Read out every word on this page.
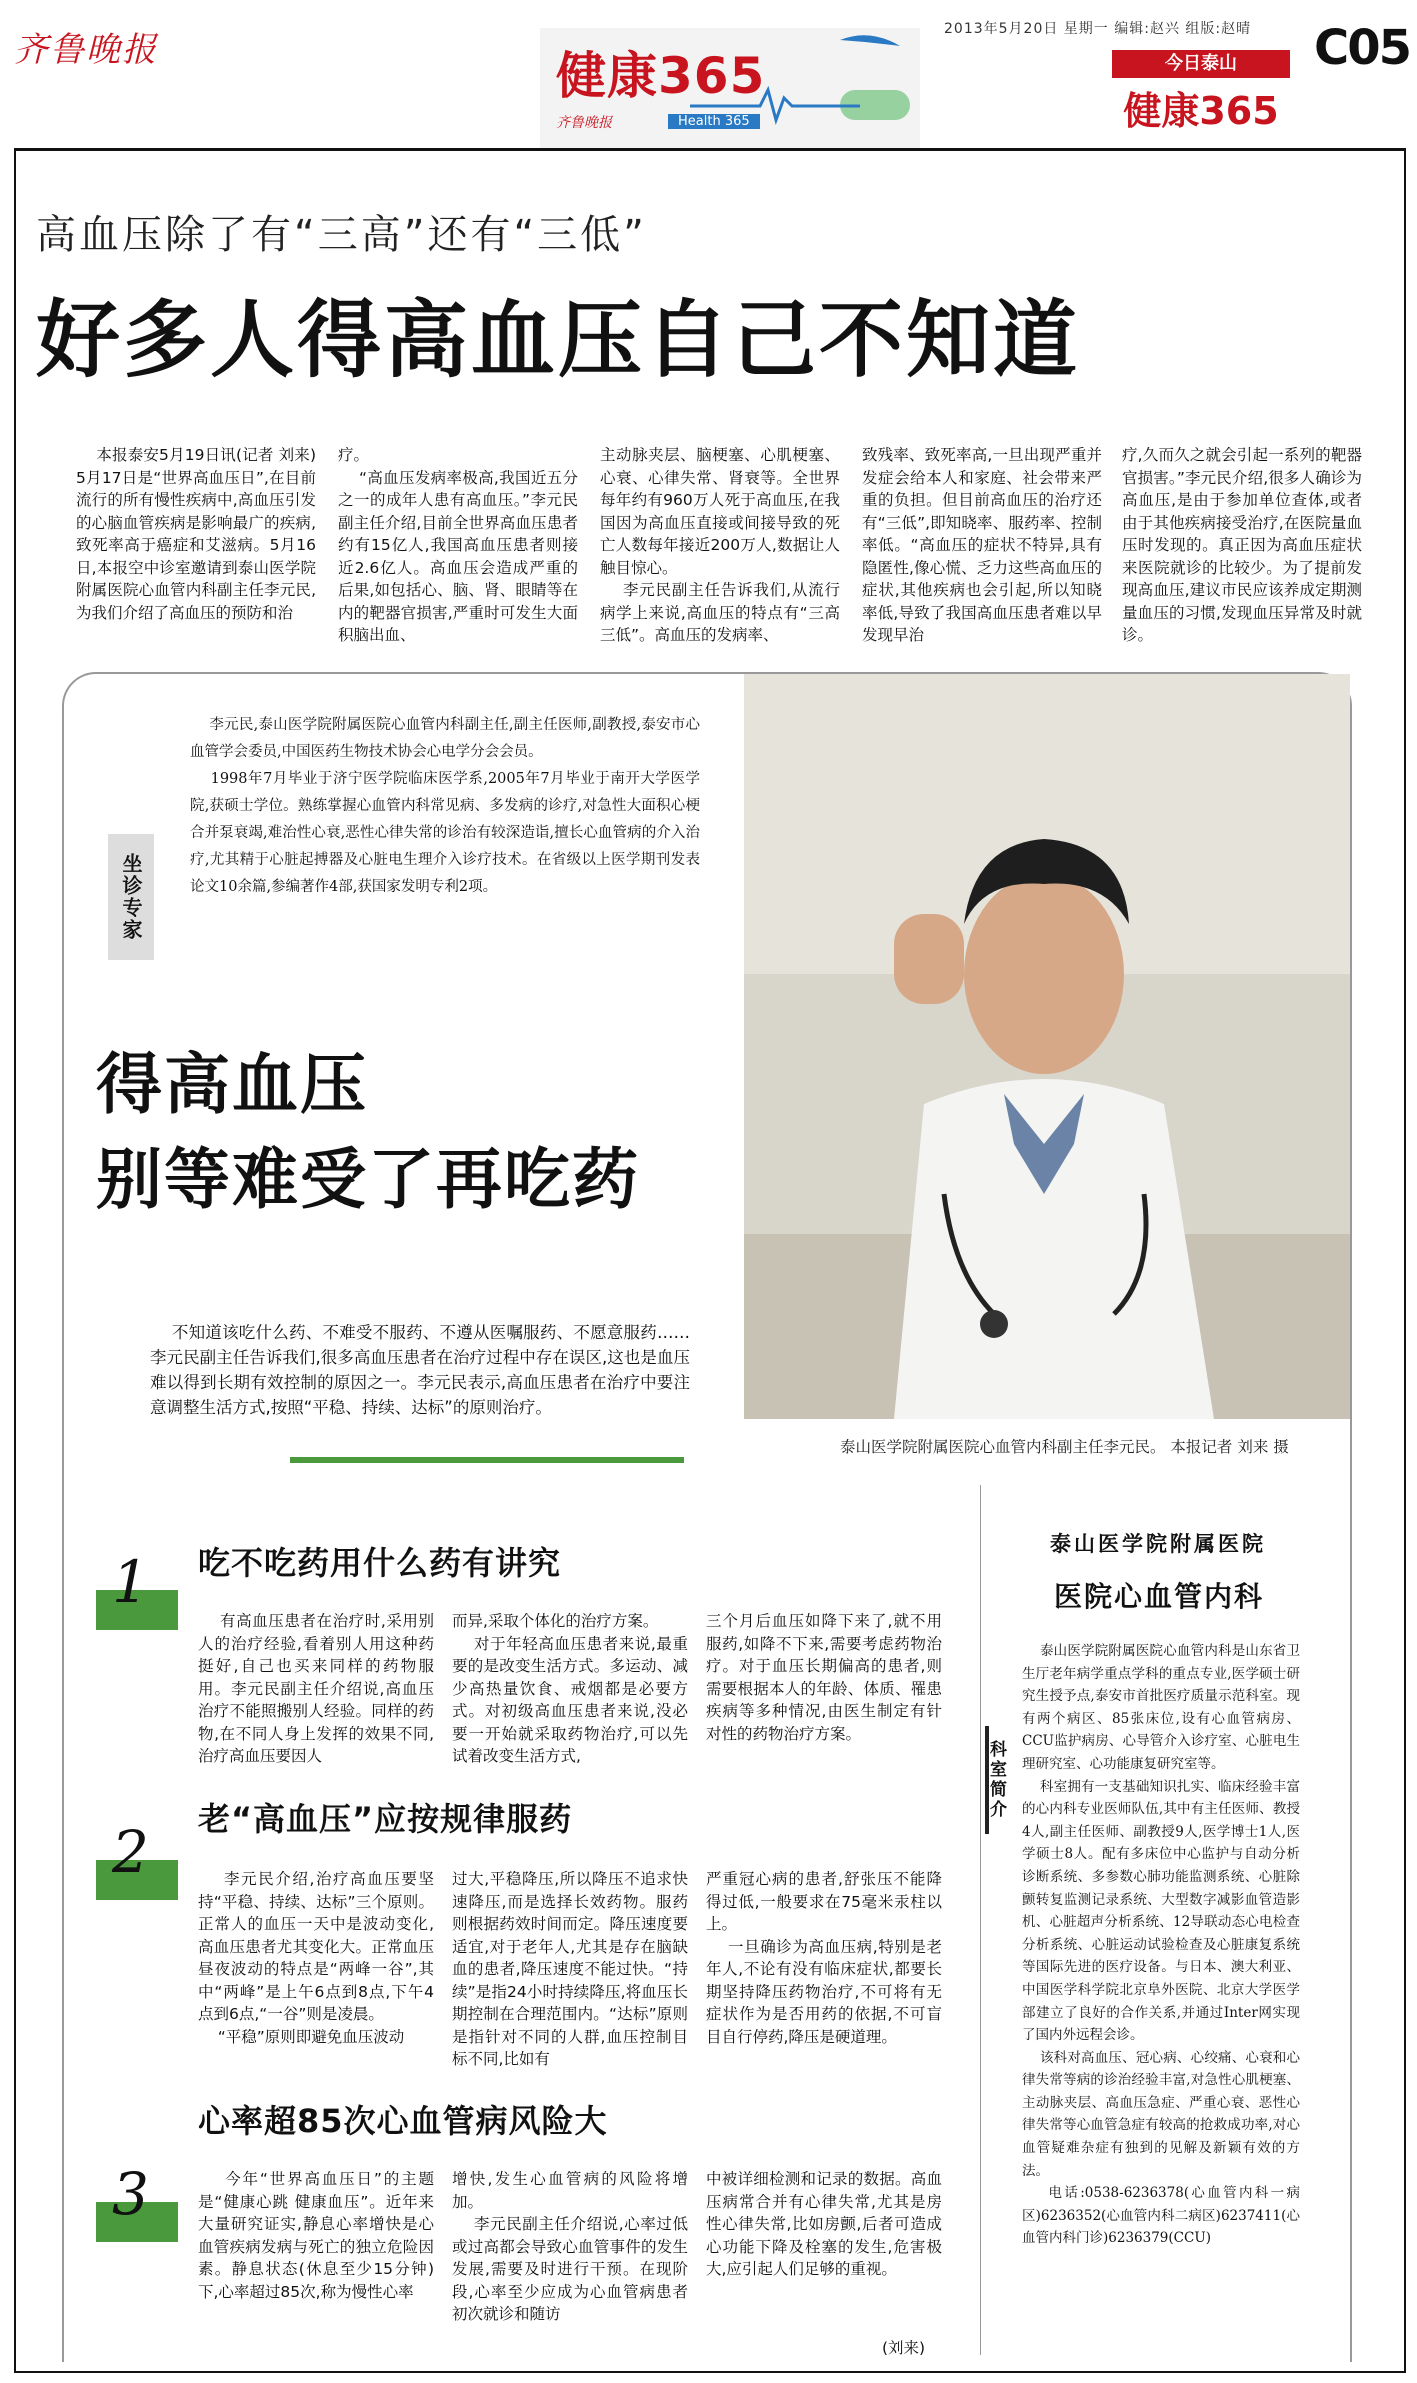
齐鲁晚报	健康365
齐鲁晚报	Health 365
2013年5月20日 星期一 编辑:赵兴 组版:赵晴
今日泰山
健康365
C05
高血压除了有“三高”还有“三低”
好多人得高血压自己不知道
本报泰安5月19日讯(记者 刘来) 5月17日是“世界高血压日”,在目前流行的所有慢性疾病中,高血压引发的心脑血管疾病是影响最广的疾病,致死率高于癌症和艾滋病。5月16日,本报空中诊室邀请到泰山医学院附属医院心血管内科副主任李元民,为我们介绍了高血压的预防和治
疗。
“高血压发病率极高,我国近五分之一的成年人患有高血压。”李元民副主任介绍,目前全世界高血压患者约有15亿人,我国高血压患者则接近2.6亿人。高血压会造成严重的后果,如包括心、脑、肾、眼睛等在内的靶器官损害,严重时可发生大面积脑出血、
主动脉夹层、脑梗塞、心肌梗塞、心衰、心律失常、肾衰等。全世界每年约有960万人死于高血压,在我国因为高血压直接或间接导致的死亡人数每年接近200万人,数据让人触目惊心。
李元民副主任告诉我们,从流行病学上来说,高血压的特点有“三高三低”。高血压的发病率、
致残率、致死率高,一旦出现严重并发症会给本人和家庭、社会带来严重的负担。但目前高血压的治疗还有“三低”,即知晓率、服药率、控制率低。“高血压的症状不特异,具有隐匿性,像心慌、乏力这些高血压的症状,其他疾病也会引起,所以知晓率低,导致了我国高血压患者难以早发现早治
疗,久而久之就会引起一系列的靶器官损害。”李元民介绍,很多人确诊为高血压,是由于参加单位查体,或者由于其他疾病接受治疗,在医院量血压时发现的。真正因为高血压症状来医院就诊的比较少。为了提前发现高血压,建议市民应该养成定期测量血压的习惯,发现血压异常及时就诊。
坐诊专家
李元民,泰山医学院附属医院心血管内科副主任,副主任医师,副教授,泰安市心血管学会委员,中国医药生物技术协会心电学分会会员。
1998年7月毕业于济宁医学院临床医学系,2005年7月毕业于南开大学医学院,获硕士学位。熟练掌握心血管内科常见病、多发病的诊疗,对急性大面积心梗合并泵衰竭,难治性心衰,恶性心律失常的诊治有较深造诣,擅长心血管病的介入治疗,尤其精于心脏起搏器及心脏电生理介入诊疗技术。在省级以上医学期刊发表论文10余篇,参编著作4部,获国家发明专利2项。
泰山医学院附属医院心血管内科副主任李元民。 本报记者 刘来 摄
得高血压
别等难受了再吃药
不知道该吃什么药、不难受不服药、不遵从医嘱服药、不愿意服药……李元民副主任告诉我们,很多高血压患者在治疗过程中存在误区,这也是血压难以得到长期有效控制的原因之一。李元民表示,高血压患者在治疗中要注意调整生活方式,按照“平稳、持续、达标”的原则治疗。
1 吃不吃药用什么药有讲究
有高血压患者在治疗时,采用别人的治疗经验,看着别人用这种药挺好,自己也买来同样的药物服用。李元民副主任介绍说,高血压治疗不能照搬别人经验。同样的药物,在不同人身上发挥的效果不同,治疗高血压要因人
而异,采取个体化的治疗方案。
对于年轻高血压患者来说,最重要的是改变生活方式。多运动、减少高热量饮食、戒烟都是必要方式。对初级高血压患者来说,没必要一开始就采取药物治疗,可以先试着改变生活方式,
三个月后血压如降下来了,就不用服药,如降不下来,需要考虑药物治疗。对于血压长期偏高的患者,则需要根据本人的年龄、体质、罹患疾病等多种情况,由医生制定有针对性的药物治疗方案。
2 老“高血压”应按规律服药
李元民介绍,治疗高血压要坚持“平稳、持续、达标”三个原则。正常人的血压一天中是波动变化,高血压患者尤其变化大。正常血压昼夜波动的特点是“两峰一谷”,其中“两峰”是上午6点到8点,下午4点到6点,“一谷”则是凌晨。
“平稳”原则即避免血压波动
过大,平稳降压,所以降压不追求快速降压,而是选择长效药物。服药则根据药效时间而定。降压速度要适宜,对于老年人,尤其是存在脑缺血的患者,降压速度不能过快。“持续”是指24小时持续降压,将血压长期控制在合理范围内。“达标”原则是指针对不同的人群,血压控制目标不同,比如有
严重冠心病的患者,舒张压不能降得过低,一般要求在75毫米汞柱以上。
一旦确诊为高血压病,特别是老年人,不论有没有临床症状,都要长期坚持降压药物治疗,不可将有无症状作为是否用药的依据,不可盲目自行停药,降压是硬道理。
3
心率超85次心血管病风险大
今年“世界高血压日”的主题是“健康心跳 健康血压”。近年来大量研究证实,静息心率增快是心血管疾病发病与死亡的独立危险因素。静息状态(休息至少15分钟)下,心率超过85次,称为慢性心率
增快,发生心血管病的风险将增加。
李元民副主任介绍说,心率过低或过高都会导致心血管事件的发生发展,需要及时进行干预。在现阶段,心率至少应成为心血管病患者初次就诊和随访
中被详细检测和记录的数据。高血压病常合并有心律失常,尤其是房性心律失常,比如房颤,后者可造成心功能下降及栓塞的发生,危害极大,应引起人们足够的重视。
(刘来)
科室简介
泰山医学院附属医院
医院心血管内科
泰山医学院附属医院心血管内科是山东省卫生厅老年病学重点学科的重点专业,医学硕士研究生授予点,泰安市首批医疗质量示范科室。现有两个病区、85张床位,设有心血管病房、CCU监护病房、心导管介入诊疗室、心脏电生理研究室、心功能康复研究室等。
科室拥有一支基础知识扎实、临床经验丰富的心内科专业医师队伍,其中有主任医师、教授4人,副主任医师、副教授9人,医学博士1人,医学硕士8人。配有多床位中心监护与自动分析诊断系统、多参数心肺功能监测系统、心脏除颤转复监测记录系统、大型数字减影血管造影机、心脏超声分析系统、12导联动态心电检查分析系统、心脏运动试验检查及心脏康复系统等国际先进的医疗设备。与日本、澳大利亚、中国医学科学院北京阜外医院、北京大学医学部建立了良好的合作关系,并通过Inter网实现了国内外远程会诊。
该科对高血压、冠心病、心绞痛、心衰和心律失常等病的诊治经验丰富,对急性心肌梗塞、主动脉夹层、高血压急症、严重心衰、恶性心律失常等心血管急症有较高的抢救成功率,对心血管疑难杂症有独到的见解及新颖有效的方法。
电话:0538-6236378(心血管内科一病区)6236352(心血管内科二病区)6237411(心血管内科门诊)6236379(CCU)
